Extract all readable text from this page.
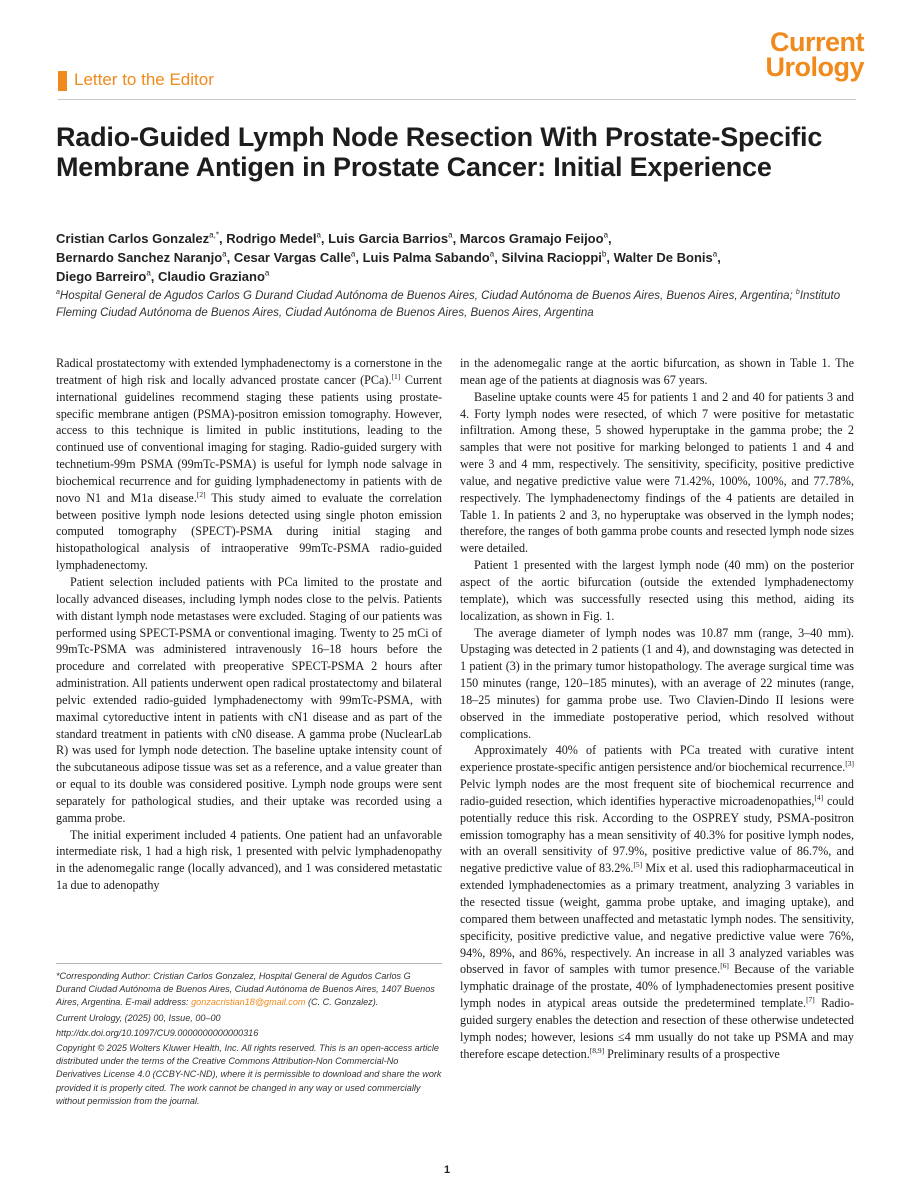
Current
Urology
Letter to the Editor
Radio-Guided Lymph Node Resection With Prostate-Specific Membrane Antigen in Prostate Cancer: Initial Experience
Cristian Carlos Gonzalez$^{a,*}$, Rodrigo Medel$^a$, Luis Garcia Barrios$^a$, Marcos Gramajo Feijoo$^a$,
Bernardo Sanchez Naranjo$^a$, Cesar Vargas Calle$^a$, Luis Palma Sabando$^a$, Silvina Racioppi$^b$, Walter De Bonis$^a$,
Diego Barreiro$^a$, Claudio Graziano$^a$
$^a$Hospital General de Agudos Carlos G Durand Ciudad Autónoma de Buenos Aires, Ciudad Autónoma de Buenos Aires, Buenos Aires, Argentina; $^b$Instituto Fleming Ciudad Autónoma de Buenos Aires, Ciudad Autónoma de Buenos Aires, Buenos Aires, Argentina

Radical prostatectomy with extended lymphadenectomy is a cornerstone in the treatment of high risk and locally advanced prostate cancer (PCa).[1] Current international guidelines recommend staging these patients using prostate-specific membrane antigen (PSMA)-positron emission tomography. However, access to this technique is limited in public institutions, leading to the continued use of conventional imaging for staging. Radio-guided surgery with technetium-99m PSMA (99mTc-PSMA) is useful for lymph node salvage in biochemical recurrence and for guiding lymphadenectomy in patients with de novo N1 and M1a disease.[2] This study aimed to evaluate the correlation between positive lymph node lesions detected using single photon emission computed tomography (SPECT)-PSMA during initial staging and histopathological analysis of intraoperative 99mTc-PSMA radio-guided lymphadenectomy.

Patient selection included patients with PCa limited to the prostate and locally advanced diseases, including lymph nodes close to the pelvis. Patients with distant lymph node metastases were excluded. Staging of our patients was performed using SPECT-PSMA or conventional imaging. Twenty to 25 mCi of 99mTc-PSMA was administered intravenously 16–18 hours before the procedure and correlated with preoperative SPECT-PSMA 2 hours after administration. All patients underwent open radical prostatectomy and bilateral pelvic extended radio-guided lymphadenectomy with 99mTc-PSMA, with maximal cytoreductive intent in patients with cN1 disease and as part of the standard treatment in patients with cN0 disease. A gamma probe (NuclearLab R) was used for lymph node detection. The baseline uptake intensity count of the subcutaneous adipose tissue was set as a reference, and a value greater than or equal to its double was considered positive. Lymph node groups were sent separately for pathological studies, and their uptake was recorded using a gamma probe.

The initial experiment included 4 patients. One patient had an unfavorable intermediate risk, 1 had a high risk, 1 presented with pelvic lymphadenopathy in the adenomegalic range (locally advanced), and 1 was considered metastatic 1a due to adenopathy

*Corresponding Author: Cristian Carlos Gonzalez, Hospital General de Agudos Carlos G Durand Ciudad Autónoma de Buenos Aires, Ciudad Autónoma de Buenos Aires, 1407 Buenos Aires, Argentina. E-mail address: gonzacristian18@gmail.com (C. C. Gonzalez).

Current Urology, (2025) 00, Issue, 00–00

http://dx.doi.org/10.1097/CU9.0000000000000316

Copyright © 2025 Wolters Kluwer Health, Inc. All rights reserved. This is an open-access article distributed under the terms of the Creative Commons Attribution-Non Commercial-No Derivatives License 4.0 (CCBY-NC-ND), where it is permissible to download and share the work provided it is properly cited. The work cannot be changed in any way or used commercially without permission from the journal.

in the adenomegalic range at the aortic bifurcation, as shown in Table 1. The mean age of the patients at diagnosis was 67 years.

Baseline uptake counts were 45 for patients 1 and 2 and 40 for patients 3 and 4. Forty lymph nodes were resected, of which 7 were positive for metastatic infiltration. Among these, 5 showed hyperuptake in the gamma probe; the 2 samples that were not positive for marking belonged to patients 1 and 4 and were 3 and 4 mm, respectively. The sensitivity, specificity, positive predictive value, and negative predictive value were 71.42%, 100%, 100%, and 77.78%, respectively. The lymphadenectomy findings of the 4 patients are detailed in Table 1. In patients 2 and 3, no hyperuptake was observed in the lymph nodes; therefore, the ranges of both gamma probe counts and resected lymph node sizes were detailed.

Patient 1 presented with the largest lymph node (40 mm) on the posterior aspect of the aortic bifurcation (outside the extended lymphadenectomy template), which was successfully resected using this method, aiding its localization, as shown in Fig. 1.

The average diameter of lymph nodes was 10.87 mm (range, 3–40 mm). Upstaging was detected in 2 patients (1 and 4), and downstaging was detected in 1 patient (3) in the primary tumor histopathology. The average surgical time was 150 minutes (range, 120–185 minutes), with an average of 22 minutes (range, 18–25 minutes) for gamma probe use. Two Clavien-Dindo II lesions were observed in the immediate postoperative period, which resolved without complications.

Approximately 40% of patients with PCa treated with curative intent experience prostate-specific antigen persistence and/or biochemical recurrence.[3] Pelvic lymph nodes are the most frequent site of biochemical recurrence and radio-guided resection, which identifies hyperactive microadenopathies,[4] could potentially reduce this risk. According to the OSPREY study, PSMA-positron emission tomography has a mean sensitivity of 40.3% for positive lymph nodes, with an overall sensitivity of 97.9%, positive predictive value of 86.7%, and negative predictive value of 83.2%.[5] Mix et al. used this radiopharmaceutical in extended lymphadenectomies as a primary treatment, analyzing 3 variables in the resected tissue (weight, gamma probe uptake, and imaging uptake), and compared them between unaffected and metastatic lymph nodes. The sensitivity, specificity, positive predictive value, and negative predictive value were 76%, 94%, 89%, and 86%, respectively. An increase in all 3 analyzed variables was observed in favor of samples with tumor presence.[6] Because of the variable lymphatic drainage of the prostate, 40% of lymphadenectomies present positive lymph nodes in atypical areas outside the predetermined template.[7] Radio-guided surgery enables the detection and resection of these otherwise undetected lymph nodes; however, lesions ≤4 mm usually do not take up PSMA and may therefore escape detection.[8,9] Preliminary results of a prospective

1
